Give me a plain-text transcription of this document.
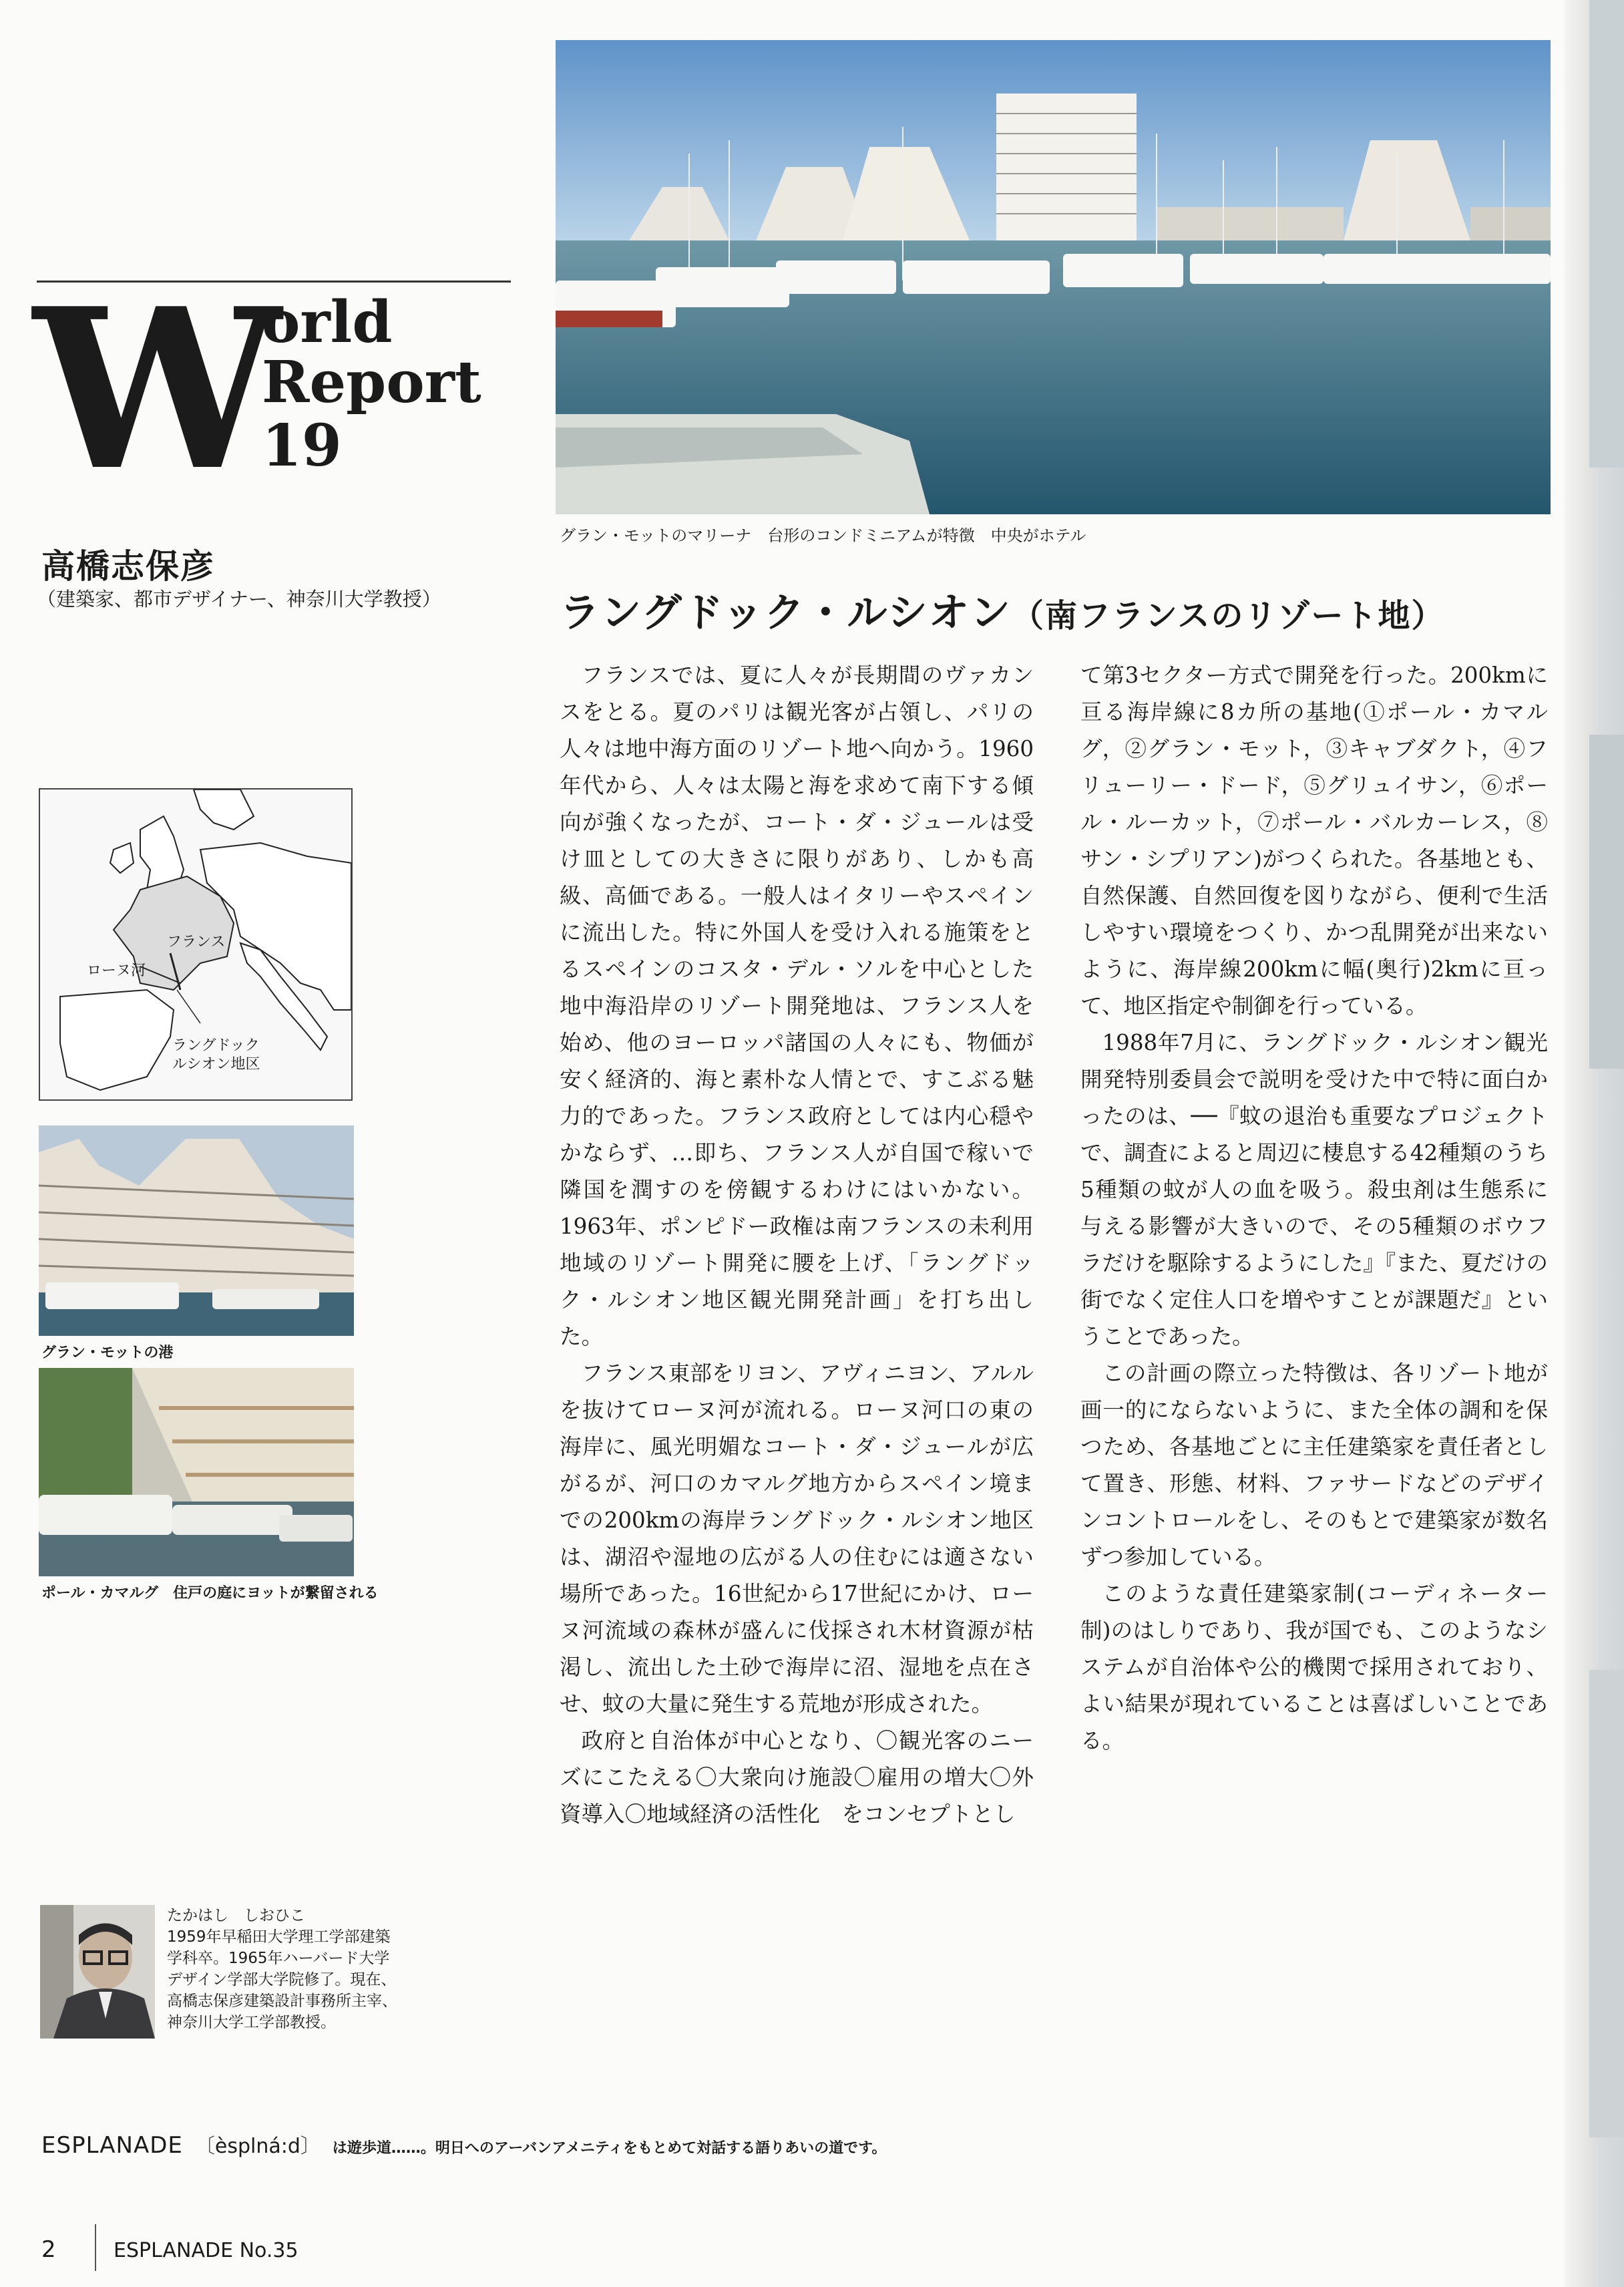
W
orld
Report
19
高橋志保彦
（建築家、都市デザイナー、神奈川大学教授）
グラン・モットのマリーナ　台形のコンドミニアムが特徴　中央がホテル
ラングドック・ルシオン（南フランスのリゾート地）

フランスでは、夏に人々が長期間のヴァカンスをとる。夏のパリは観光客が占領し、パリの人々は地中海方面のリゾート地へ向かう。1960年代から、人々は太陽と海を求めて南下する傾向が強くなったが、コート・ダ・ジュールは受け皿としての大きさに限りがあり、しかも高級、高価である。一般人はイタリーやスペインに流出した。特に外国人を受け入れる施策をとるスペインのコスタ・デル・ソルを中心とした地中海沿岸のリゾート開発地は、フランス人を始め、他のヨーロッパ諸国の人々にも、物価が安く経済的、海と素朴な人情とで、すこぶる魅力的であった。フランス政府としては内心穏やかならず、…即ち、フランス人が自国で稼いで隣国を潤すのを傍観するわけにはいかない。1963年、ポンピドー政権は南フランスの未利用地域のリゾート開発に腰を上げ、「ラングドック・ルシオン地区観光開発計画」を打ち出した。

フランス東部をリヨン、アヴィニヨン、アルルを抜けてローヌ河が流れる。ローヌ河口の東の海岸に、風光明媚なコート・ダ・ジュールが広がるが、河口のカマルグ地方からスペイン境までの200kmの海岸ラングドック・ルシオン地区は、湖沼や湿地の広がる人の住むには適さない場所であった。16世紀から17世紀にかけ、ローヌ河流域の森林が盛んに伐採され木材資源が枯渇し、流出した土砂で海岸に沼、湿地を点在させ、蚊の大量に発生する荒地が形成された。

政府と自治体が中心となり、〇観光客のニーズにこたえる〇大衆向け施設〇雇用の増大〇外資導入〇地域経済の活性化　をコンセプトとし

て第3セクター方式で開発を行った。200kmに亘る海岸線に8カ所の基地(①ポール・カマルグ，②グラン・モット，③キャブダクト，④フリューリー・ドード，⑤グリュイサン，⑥ポール・ルーカット，⑦ポール・バルカーレス，⑧サン・シプリアン)がつくられた。各基地とも、自然保護、自然回復を図りながら、便利で生活しやすい環境をつくり、かつ乱開発が出来ないように、海岸線200kmに幅(奥行)2kmに亘って、地区指定や制御を行っている。

1988年7月に、ラングドック・ルシオン観光開発特別委員会で説明を受けた中で特に面白かったのは、──『蚊の退治も重要なプロジェクトで、調査によると周辺に棲息する42種類のうち5種類の蚊が人の血を吸う。殺虫剤は生態系に与える影響が大きいので、その5種類のボウフラだけを駆除するようにした』『また、夏だけの街でなく定住人口を増やすことが課題だ』ということであった。

この計画の際立った特徴は、各リゾート地が画一的にならないように、また全体の調和を保つため、各基地ごとに主任建築家を責任者として置き、形態、材料、ファサードなどのデザインコントロールをし、そのもとで建築家が数名ずつ参加している。

このような責任建築家制(コーディネーター制)のはしりであり、我が国でも、このようなシステムが自治体や公的機関で採用されており、よい結果が現れていることは喜ばしいことである。

フランス
ローヌ河
ラングドック
ルシオン地区
グラン・モットの港
ポール・カマルグ　住戸の庭にヨットが繋留される
たかはし　しおひこ
1959年早稲田大学理工学部建築
学科卒。1965年ハーバード大学
デザイン学部大学院修了。現在、
高橋志保彦建築設計事務所主宰、
神奈川大学工学部教授。
ESPLANADE 〔èsplná:d〕 は遊歩道……。明日へのアーバンアメニティをもとめて対話する語りあいの道です。
2	ESPLANADE No.35
